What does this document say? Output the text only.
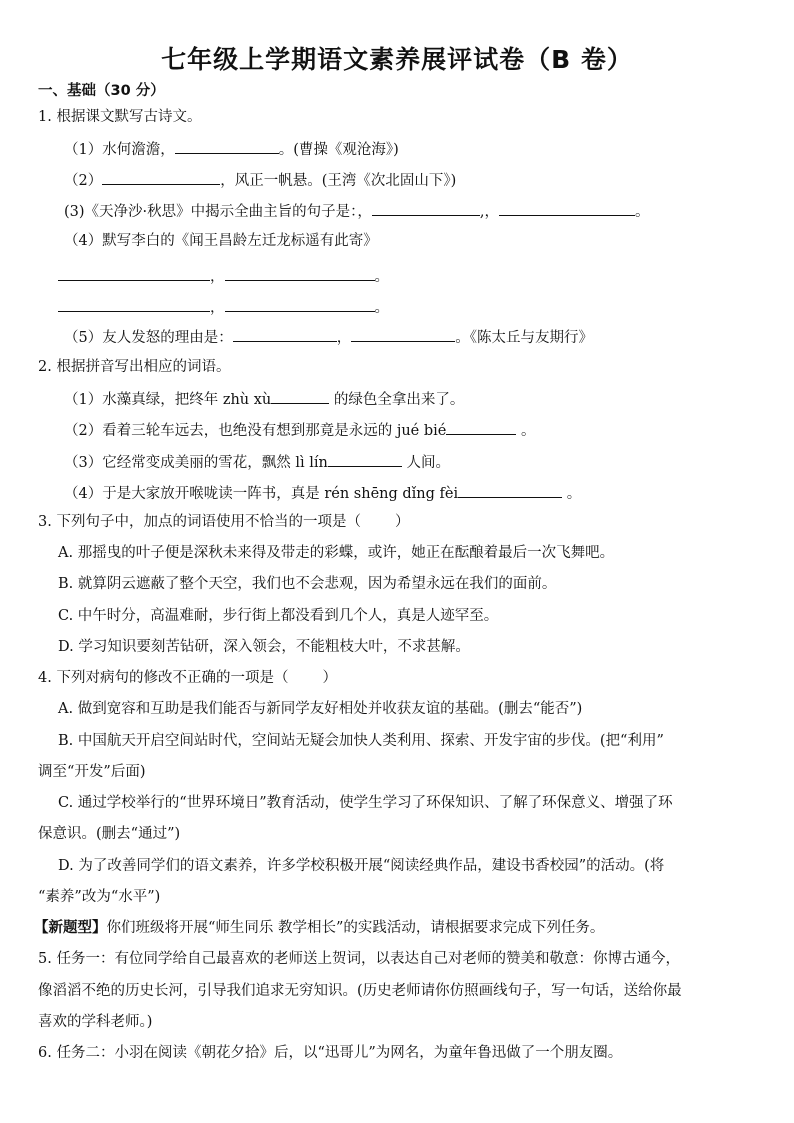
七年级上学期语文素养展评试卷（B 卷）
一、基础（30 分）
1. 根据课文默写古诗文。
（1）水何澹澹，	。(曹操《观沧海》)
（2）	，风正一帆悬。(王湾《次北固山下》)
(3)《天净沙·秋思》中揭示全曲主旨的句子是：，	,，	。
（4）默写李白的《闻王昌龄左迁龙标遥有此寄》
，	。
，	。
（5）友人发怒的理由是：	，	。《陈太丘与友期行》
2. 根据拼音写出相应的词语。
（1）水藻真绿，把终年 zhù xù	的绿色全拿出来了。
（2）看着三轮车远去，也绝没有想到那竟是永远的 jué bié	。
（3）它经常变成美丽的雪花，飘然 lì lín	人间。
（4）于是大家放开喉咙读一阵书，真是 rén shēng dǐng fèi	。
3. 下列句子中，加点的词语使用不恰当的一项是（ ）
A. 那摇曳的叶子便是深秋未来得及带走的彩蝶，或许，她正在酝酿着最后一次飞舞吧。
B. 就算阴云遮蔽了整个天空，我们也不会悲观，因为希望永远在我们的面前。
C. 中午时分，高温难耐，步行街上都没看到几个人，真是人迹罕至。
D. 学习知识要刻苦钻研，深入领会，不能粗枝大叶，不求甚解。
4. 下列对病句的修改不正确的一项是（ ）
A. 做到宽容和互助是我们能否与新同学友好相处并收获友谊的基础。(删去“能否”)
B. 中国航天开启空间站时代，空间站无疑会加快人类利用、探索、开发宇宙的步伐。(把“利用”
调至“开发”后面)
C. 通过学校举行的“世界环境日”教育活动，使学生学习了环保知识、了解了环保意义、增强了环
保意识。(删去“通过”)
D. 为了改善同学们的语文素养，许多学校积极开展“阅读经典作品，建设书香校园”的活动。(将
“素养”改为“水平”)
【新题型】你们班级将开展“师生同乐 教学相长”的实践活动，请根据要求完成下列任务。
5. 任务一：有位同学给自己最喜欢的老师送上贺词，以表达自己对老师的赞美和敬意：你博古通今，
像滔滔不绝的历史长河，引导我们追求无穷知识。(历史老师请你仿照画线句子，写一句话，送给你最
喜欢的学科老师。)
6. 任务二：小羽在阅读《朝花夕拾》后，以“迅哥儿”为网名，为童年鲁迅做了一个朋友圈。
